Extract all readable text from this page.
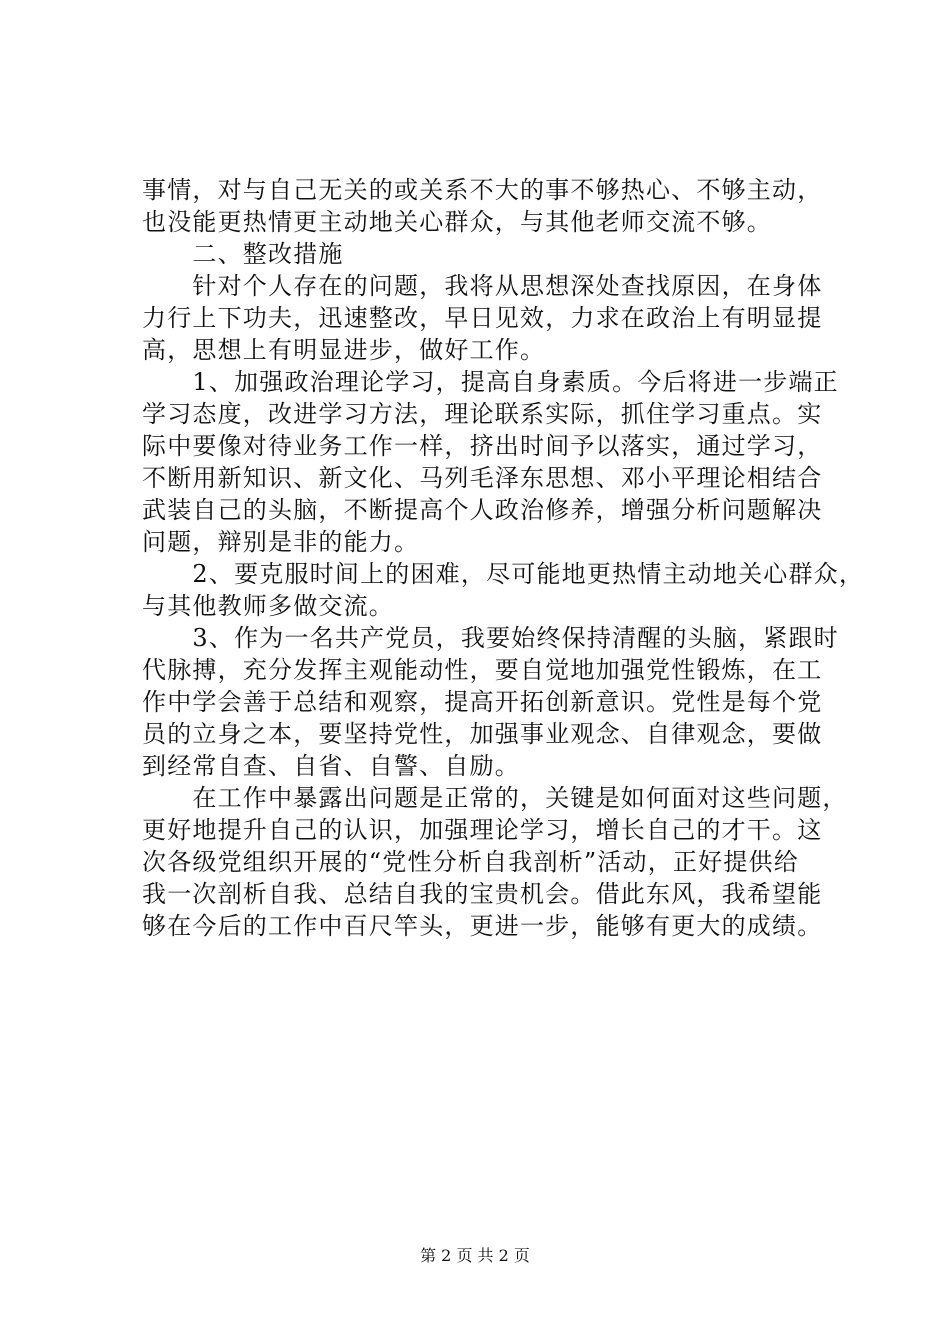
事情，对与自己无关的或关系不大的事不够热心、不够主动，
也没能更热情更主动地关心群众，与其他老师交流不够。
　　二、整改措施
　　针对个人存在的问题，我将从思想深处查找原因，在身体
力行上下功夫，迅速整改，早日见效，力求在政治上有明显提
高，思想上有明显进步，做好工作。
　　1、加强政治理论学习，提高自身素质。今后将进一步端正
学习态度，改进学习方法，理论联系实际，抓住学习重点。实
际中要像对待业务工作一样，挤出时间予以落实，通过学习，
不断用新知识、新文化、马列毛泽东思想、邓小平理论相结合
武装自己的头脑，不断提高个人政治修养，增强分析问题解决
问题，辩别是非的能力。
　　2、要克服时间上的困难，尽可能地更热情主动地关心群众，
与其他教师多做交流。
　　3、作为一名共产党员，我要始终保持清醒的头脑，紧跟时
代脉搏，充分发挥主观能动性，要自觉地加强党性锻炼，在工
作中学会善于总结和观察，提高开拓创新意识。党性是每个党
员的立身之本，要坚持党性，加强事业观念、自律观念，要做
到经常自查、自省、自警、自励。
　　在工作中暴露出问题是正常的，关键是如何面对这些问题，
更好地提升自己的认识，加强理论学习，增长自己的才干。这
次各级党组织开展的“党性分析自我剖析”活动，正好提供给
我一次剖析自我、总结自我的宝贵机会。借此东风，我希望能
够在今后的工作中百尺竿头，更进一步，能够有更大的成绩。
第 2 页 共 2 页
